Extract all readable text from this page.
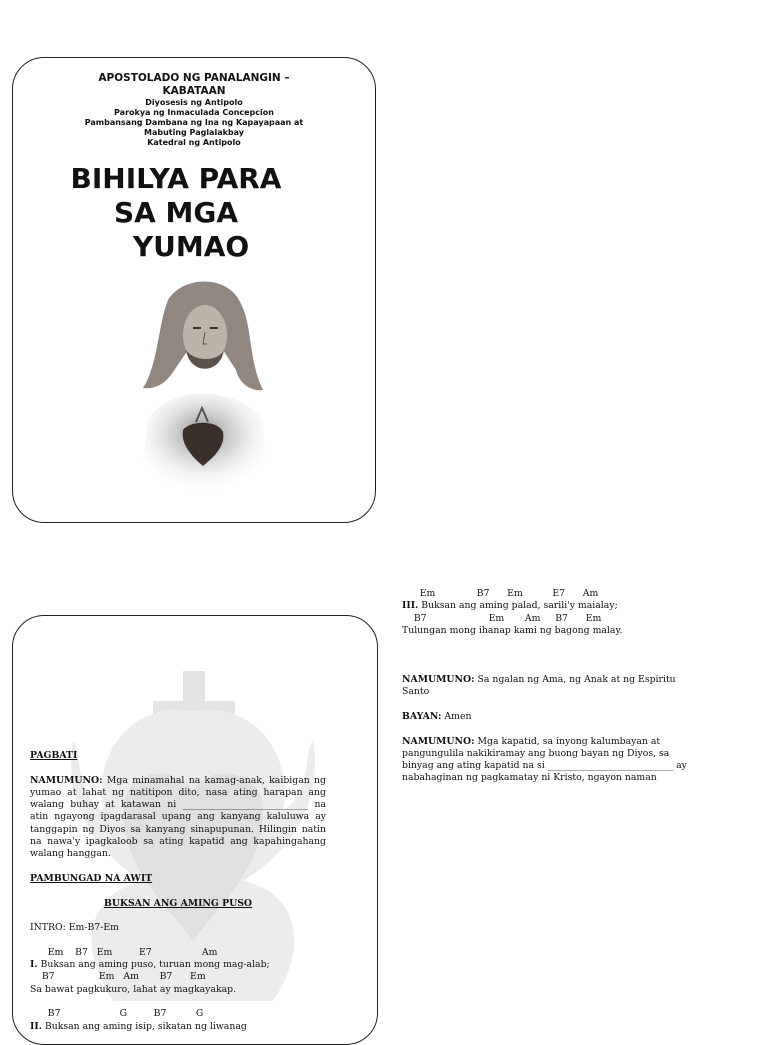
APOSTOLADO NG PANALANGIN – KABATAAN
Diyosesis ng Antipolo
Parokya ng Inmaculada Concepcion
Pambansang Dambana ng Ina ng Kapayapaan at Mabuting Paglalakbay
Katedral ng Antipolo
BIHILYA PARA
SA MGA
YUMAO

PAGBATI

NAMUMUNO: Mga minamahal na kamag-anak, kaibigan ng yumao at lahat ng natitipon dito, nasa ating harapan ang walang buhay at katawan ni ___________________________ na atin ngayong ipagdarasal upang ang kanyang kaluluwa ay tanggapin ng Diyos sa kanyang sinapupunan. Hilingin natin na nawa'y ipagkaloob sa ating kapatid ang kapahingahang walang hanggan.

PAMBUNGAD NA AWIT

BUKSAN ANG AMING PUSO

INTRO: Em-B7-Em

Em    B7   Em         E7                 Am

I. Buksan ang aming puso, turuan mong mag-alab;

B7               Em   Am       B7      Em

Sa bawat pagkukuro, lahat ay magkayakap.

B7                    G         B7          G

II. Buksan ang aming isip, sikatan ng liwanag

Em              B7      Em          E7      Am

III. Buksan ang aming palad, sarili'y maialay;

B7                     Em       Am     B7      Em

Tulungan mong ihanap kami ng bagong malay.

NAMUMUNO: Sa ngalan ng Ama, ng Anak at ng Espiritu Santo

BAYAN: Amen

NAMUMUNO: Mga kapatid, sa inyong kalumbayan at pangungulila nakikiramay ang buong bayan ng Diyos, sa binyag ang ating kapatid na si ___________________________ ay nabahaginan ng pagkamatay ni Kristo, ngayon naman
